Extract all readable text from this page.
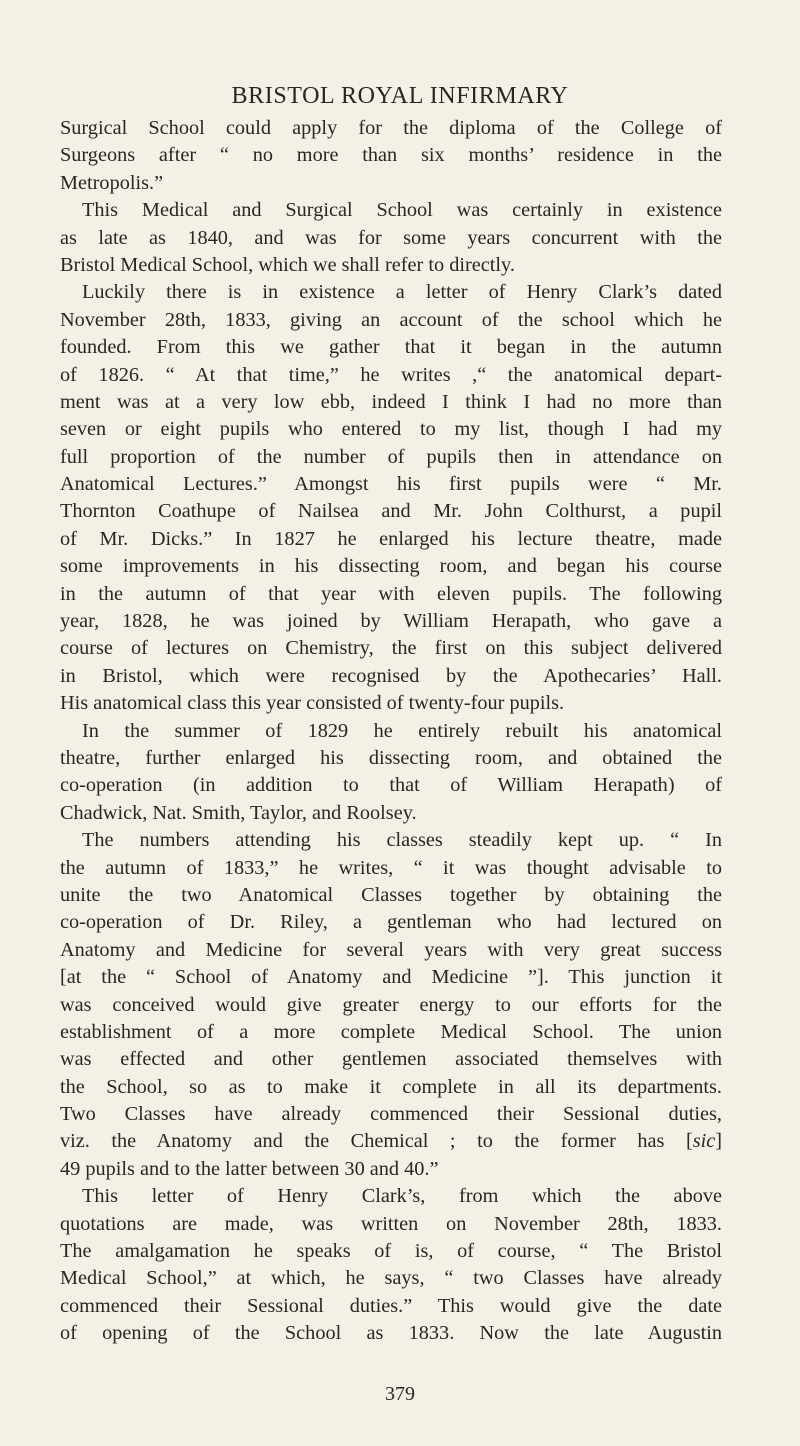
BRISTOL ROYAL INFIRMARY
Surgical School could apply for the diploma of the College of
Surgeons after “ no more than six months’ residence in the
Metropolis.”
This Medical and Surgical School was certainly in existence
as late as 1840, and was for some years concurrent with the
Bristol Medical School, which we shall refer to directly.
Luckily there is in existence a letter of Henry Clark’s dated
November 28th, 1833, giving an account of the school which he
founded. From this we gather that it began in the autumn
of 1826. “ At that time,” he writes ,“ the anatomical depart-
ment was at a very low ebb, indeed I think I had no more than
seven or eight pupils who entered to my list, though I had my
full proportion of the number of pupils then in attendance on
Anatomical Lectures.” Amongst his first pupils were “ Mr.
Thornton Coathupe of Nailsea and Mr. John Colthurst, a pupil
of Mr. Dicks.” In 1827 he enlarged his lecture theatre, made
some improvements in his dissecting room, and began his course
in the autumn of that year with eleven pupils. The following
year, 1828, he was joined by William Herapath, who gave a
course of lectures on Chemistry, the first on this subject delivered
in Bristol, which were recognised by the Apothecaries’ Hall.
His anatomical class this year consisted of twenty-four pupils.
In the summer of 1829 he entirely rebuilt his anatomical
theatre, further enlarged his dissecting room, and obtained the
co-operation (in addition to that of William Herapath) of
Chadwick, Nat. Smith, Taylor, and Roolsey.
The numbers attending his classes steadily kept up. “ In
the autumn of 1833,” he writes, “ it was thought advisable to
unite the two Anatomical Classes together by obtaining the
co-operation of Dr. Riley, a gentleman who had lectured on
Anatomy and Medicine for several years with very great success
[at the “ School of Anatomy and Medicine ”]. This junction it
was conceived would give greater energy to our efforts for the
establishment of a more complete Medical School. The union
was effected and other gentlemen associated themselves with
the School, so as to make it complete in all its departments.
Two Classes have already commenced their Sessional duties,
viz. the Anatomy and the Chemical ; to the former has [sic]
49 pupils and to the latter between 30 and 40.”
This letter of Henry Clark’s, from which the above
quotations are made, was written on November 28th, 1833.
The amalgamation he speaks of is, of course, “ The Bristol
Medical School,” at which, he says, “ two Classes have already
commenced their Sessional duties.” This would give the date
of opening of the School as 1833. Now the late Augustin
379
